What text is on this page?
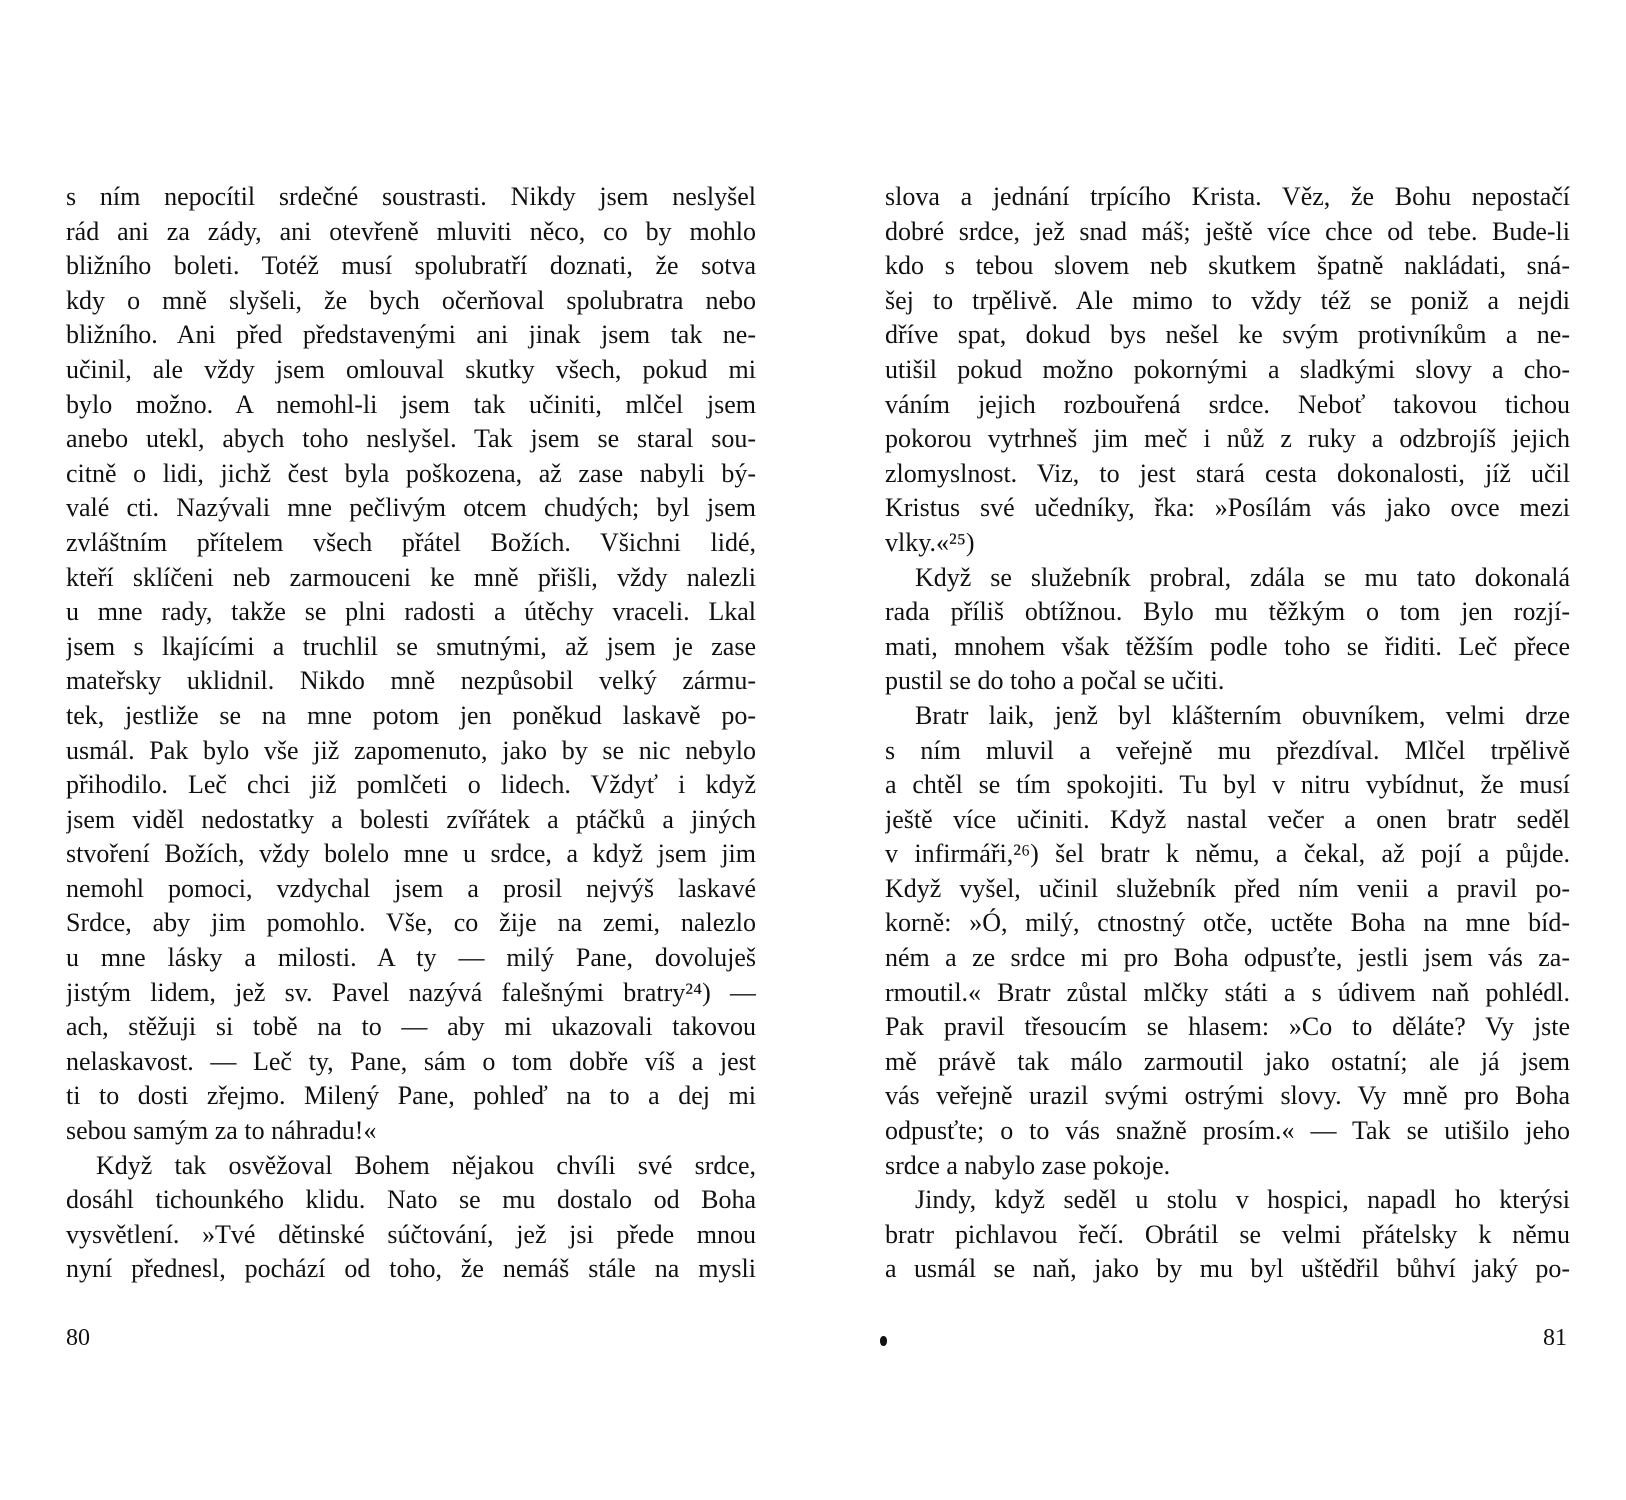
s ním nepocítil srdečné soustrasti. Nikdy jsem neslyšel
rád ani za zády, ani otevřeně mluviti něco, co by mohlo
bližního boleti. Totéž musí spolubratří doznati, že sotva
kdy o mně slyšeli, že bych očerňoval spolubratra nebo
bližního. Ani před představenými ani jinak jsem tak ne-
učinil, ale vždy jsem omlouval skutky všech, pokud mi
bylo možno. A nemohl-li jsem tak učiniti, mlčel jsem
anebo utekl, abych toho neslyšel. Tak jsem se staral sou-
citně o lidi, jichž čest byla poškozena, až zase nabyli bý-
valé cti. Nazývali mne pečlivým otcem chudých; byl jsem
zvláštním přítelem všech přátel Božích. Všichni lidé,
kteří sklíčeni neb zarmouceni ke mně přišli, vždy nalezli
u mne rady, takže se plni radosti a útěchy vraceli. Lkal
jsem s lkajícími a truchlil se smutnými, až jsem je zase
mateřsky uklidnil. Nikdo mně nezpůsobil velký zármu-
tek, jestliže se na mne potom jen poněkud laskavě po-
usmál. Pak bylo vše již zapomenuto, jako by se nic nebylo
přihodilo. Leč chci již pomlčeti o lidech. Vždyť i když
jsem viděl nedostatky a bolesti zvířátek a ptáčků a jiných
stvoření Božích, vždy bolelo mne u srdce, a když jsem jim
nemohl pomoci, vzdychal jsem a prosil nejvýš laskavé
Srdce, aby jim pomohlo. Vše, co žije na zemi, nalezlo
u mne lásky a milosti. A ty — milý Pane, dovoluješ
jistým lidem, jež sv. Pavel nazývá falešnými bratry²⁴) —
ach, stěžuji si tobě na to — aby mi ukazovali takovou
nelaskavost. — Leč ty, Pane, sám o tom dobře víš a jest
ti to dosti zřejmo. Milený Pane, pohleď na to a dej mi
sebou samým za to náhradu!«
Když tak osvěžoval Bohem nějakou chvíli své srdce,
dosáhl tichounkého klidu. Nato se mu dostalo od Boha
vysvětlení. »Tvé dětinské súčtování, jež jsi přede mnou
nyní přednesl, pochází od toho, že nemáš stále na mysli
slova a jednání trpícího Krista. Věz, že Bohu nepostačí
dobré srdce, jež snad máš; ještě více chce od tebe. Bude-li
kdo s tebou slovem neb skutkem špatně nakládati, sná-
šej to trpělivě. Ale mimo to vždy též se poniž a nejdi
dříve spat, dokud bys nešel ke svým protivníkům a ne-
utišil pokud možno pokornými a sladkými slovy a cho-
váním jejich rozbouřená srdce. Neboť takovou tichou
pokorou vytrhneš jim meč i nůž z ruky a odzbrojíš jejich
zlomyslnost. Viz, to jest stará cesta dokonalosti, jíž učil
Kristus své učedníky, řka: »Posílám vás jako ovce mezi
vlky.«²⁵)
Když se služebník probral, zdála se mu tato dokonalá
rada příliš obtížnou. Bylo mu těžkým o tom jen rozjí-
mati, mnohem však těžším podle toho se řiditi. Leč přece
pustil se do toho a počal se učiti.
Bratr laik, jenž byl klášterním obuvníkem, velmi drze
s ním mluvil a veřejně mu přezdíval. Mlčel trpělivě
a chtěl se tím spokojiti. Tu byl v nitru vybídnut, že musí
ještě více učiniti. Když nastal večer a onen bratr seděl
v infirmáři,²⁶) šel bratr k němu, a čekal, až pojí a půjde.
Když vyšel, učinil služebník před ním venii a pravil po-
korně: »Ó, milý, ctnostný otče, uctěte Boha na mne bíd-
ném a ze srdce mi pro Boha odpusťte, jestli jsem vás za-
rmoutil.« Bratr zůstal mlčky státi a s údivem naň pohlédl.
Pak pravil třesoucím se hlasem: »Co to děláte? Vy jste
mě právě tak málo zarmoutil jako ostatní; ale já jsem
vás veřejně urazil svými ostrými slovy. Vy mně pro Boha
odpusťte; o to vás snažně prosím.« — Tak se utišilo jeho
srdce a nabylo zase pokoje.
Jindy, když seděl u stolu v hospici, napadl ho kterýsi
bratr pichlavou řečí. Obrátil se velmi přátelsky k němu
a usmál se naň, jako by mu byl uštědřil bůhví jaký po-
80	81
